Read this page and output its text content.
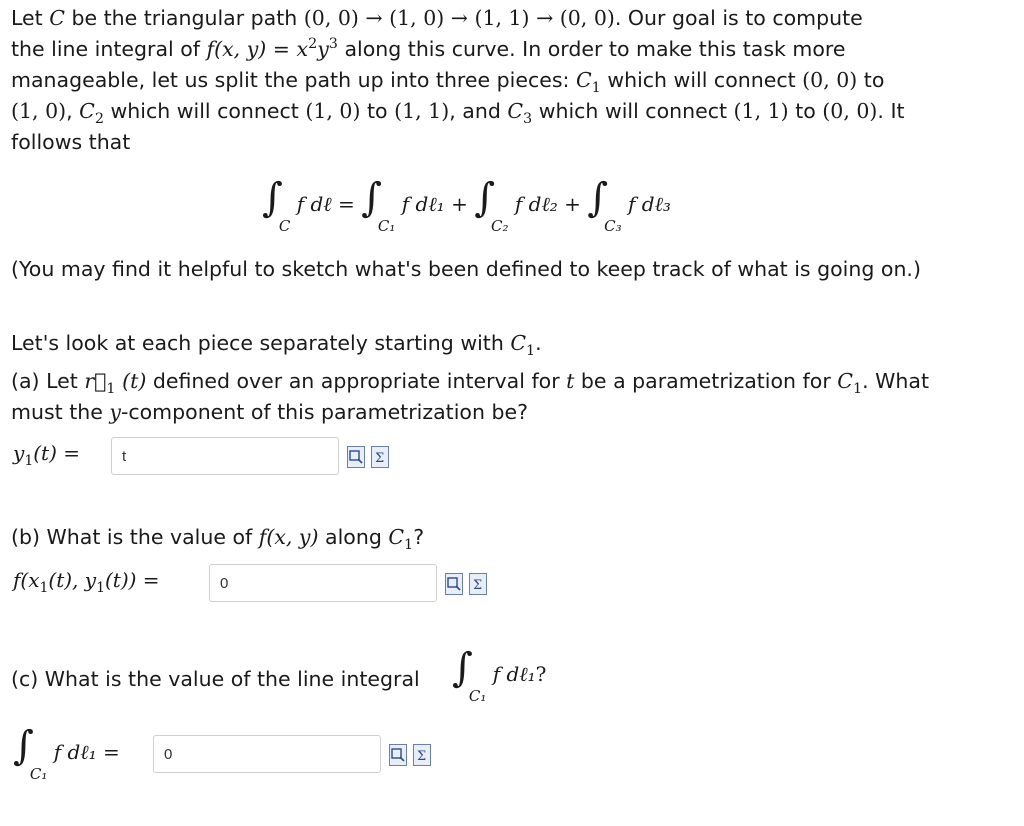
Let C be the triangular path (0, 0) → (1, 0) → (1, 1) → (0, 0). Our goal is to compute
the line integral of f(x, $y) = x^2y^3$ along this curve. In order to make this task more
manageable, let us split the path up into three pieces: $C_1$ which will connect (0, 0) to
(1, 0), $C_2$ which will connect (1, 0) to (1, 1), and $C_3$ which will connect (1, 1) to (0, 0). It
follows that
$\int_C$ f dℓ = $\int_{C_1}$ f dℓ₁ + $\int_{C_2}$ f dℓ₂ + $\int_{C_3}$ f dℓ₃
(You may find it helpful to sketch what's been defined to keep track of what is going on.)
Let's look at each piece separately starting with $C_1$.
(a) Let $r⃗_1$ (t) defined over an appropriate interval for t be a parametrization for $C_1$. What
must the y-component of this parametrization be?
$y_1(t)$ =
t	Σ
(b) What is the value of f(x, y) along $C_1$?
$f(x_1(t)$, $y_1(t)$) =
0	Σ
(c) What is the value of the line integral $\int_{C_1}$ f dℓ₁?
$\int_{C_1}$ f dℓ₁ =
0	Σ
